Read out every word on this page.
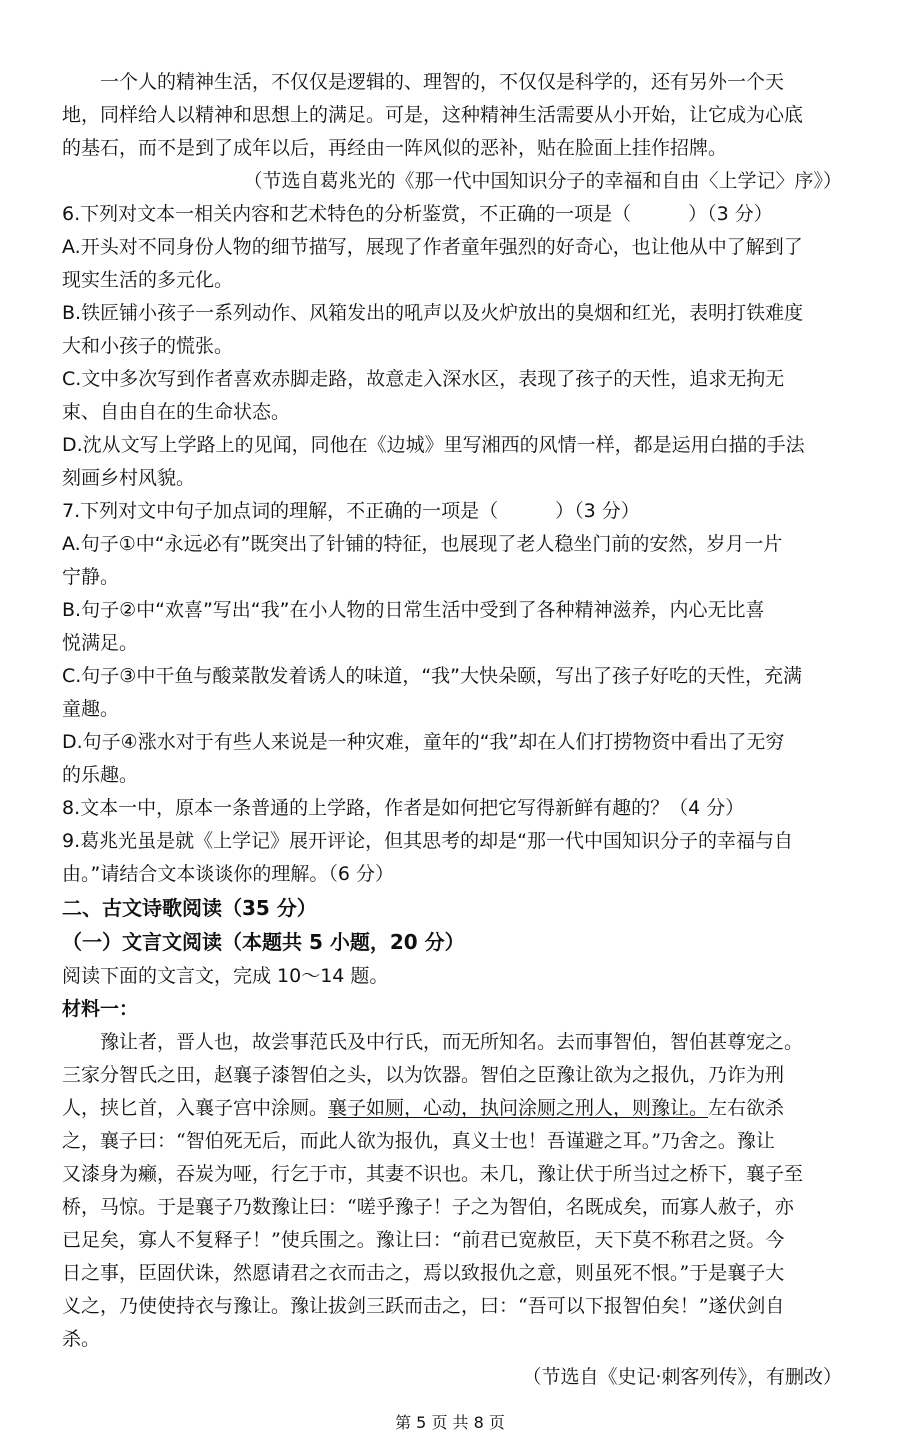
一个人的精神生活，不仅仅是逻辑的、理智的，不仅仅是科学的，还有另外一个天
地，同样给人以精神和思想上的满足。可是，这种精神生活需要从小开始，让它成为心底
的基石，而不是到了成年以后，再经由一阵风似的恶补，贴在脸面上挂作招牌。
（节选自葛兆光的《那一代中国知识分子的幸福和自由〈上学记〉序》）
6.下列对文本一相关内容和艺术特色的分析鉴赏，不正确的一项是（　　　）（3 分）
A.开头对不同身份人物的细节描写，展现了作者童年强烈的好奇心，也让他从中了解到了
现实生活的多元化。
B.铁匠铺小孩子一系列动作、风箱发出的吼声以及火炉放出的臭烟和红光，表明打铁难度
大和小孩子的慌张。
C.文中多次写到作者喜欢赤脚走路，故意走入深水区，表现了孩子的天性，追求无拘无
束、自由自在的生命状态。
D.沈从文写上学路上的见闻，同他在《边城》里写湘西的风情一样，都是运用白描的手法
刻画乡村风貌。
7.下列对文中句子加点词的理解，不正确的一项是（　　　）（3 分）
A.句子①中“永远必有”既突出了针铺的特征，也展现了老人稳坐门前的安然，岁月一片
宁静。
B.句子②中“欢喜”写出“我”在小人物的日常生活中受到了各种精神滋养，内心无比喜
悦满足。
C.句子③中干鱼与酸菜散发着诱人的味道，“我”大快朵颐，写出了孩子好吃的天性，充满
童趣。
D.句子④涨水对于有些人来说是一种灾难，童年的“我”却在人们打捞物资中看出了无穷
的乐趣。
8.文本一中，原本一条普通的上学路，作者是如何把它写得新鲜有趣的？（4 分）
9.葛兆光虽是就《上学记》展开评论，但其思考的却是“那一代中国知识分子的幸福与自
由。”请结合文本谈谈你的理解。（6 分）
二、古文诗歌阅读（35 分）
（一）文言文阅读（本题共 5 小题，20 分）
阅读下面的文言文，完成 10～14 题。
材料一：
豫让者，晋人也，故尝事范氏及中行氏，而无所知名。去而事智伯，智伯甚尊宠之。
三家分智氏之田，赵襄子漆智伯之头，以为饮器。智伯之臣豫让欲为之报仇，乃诈为刑
人，挟匕首，入襄子宫中涂厕。襄子如厕，心动，执问涂厕之刑人，则豫让。左右欲杀
之，襄子曰：“智伯死无后，而此人欲为报仇，真义士也！吾谨避之耳。”乃舍之。豫让
又漆身为癞，吞炭为哑，行乞于市，其妻不识也。未几，豫让伏于所当过之桥下，襄子至
桥，马惊。于是襄子乃数豫让曰：“嗟乎豫子！子之为智伯，名既成矣，而寡人赦子，亦
已足矣，寡人不复释子！”使兵围之。豫让曰：“前君已宽赦臣，天下莫不称君之贤。今
日之事，臣固伏诛，然愿请君之衣而击之，焉以致报仇之意，则虽死不恨。”于是襄子大
义之，乃使使持衣与豫让。豫让拔剑三跃而击之，曰：“吾可以下报智伯矣！”遂伏剑自
杀。
（节选自《史记·刺客列传》，有删改）
第 5 页 共 8 页
